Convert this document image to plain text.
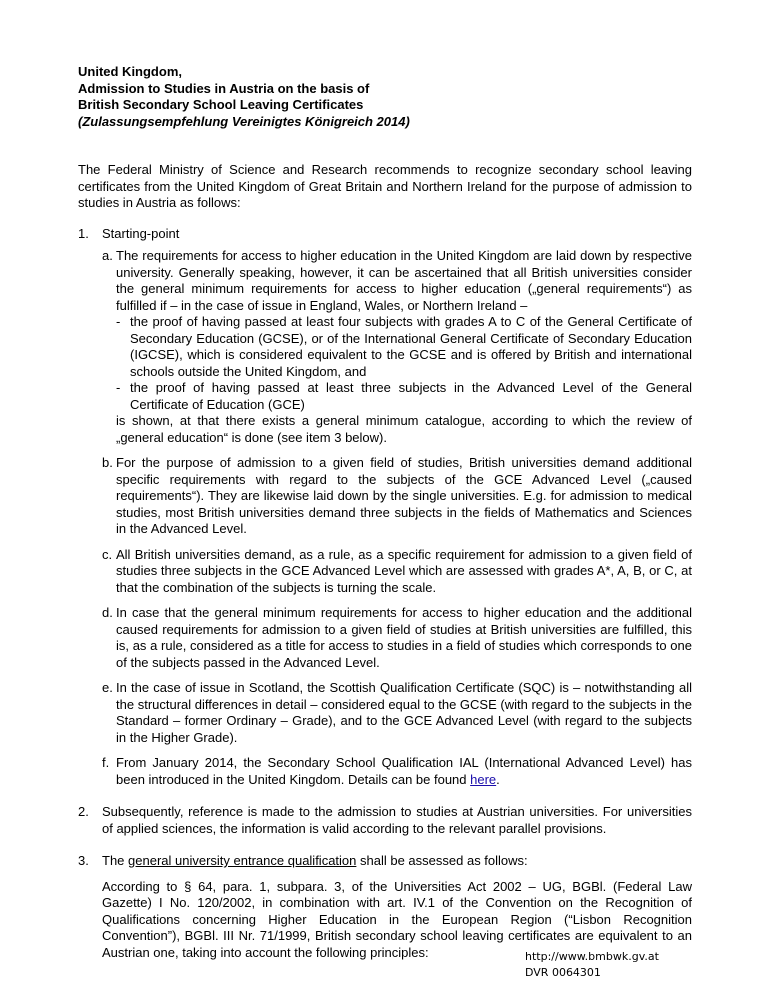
United Kingdom,
Admission to Studies in Austria on the basis of
British Secondary School Leaving Certificates
(Zulassungsempfehlung Vereinigtes Königreich 2014)
The Federal Ministry of Science and Research recommends to recognize secondary school leaving certificates from the United Kingdom of Great Britain and Northern Ireland for the purpose of admission to studies in Austria as follows:
1.	Starting-point
a. The requirements for access to higher education in the United Kingdom are laid down by respective university. Generally speaking, however, it can be ascertained that all British universities consider the general minimum requirements for access to higher education („general requirements“) as fulfilled if – in the case of issue in England, Wales, or Northern Ireland –
- the proof of having passed at least four subjects with grades A to C of the General Certificate of Secondary Education (GCSE), or of the International General Certificate of Secondary Education (IGCSE), which is considered equivalent to the GCSE and is offered by British and international schools outside the United Kingdom, and
- the proof of having passed at least three subjects in the Advanced Level of the General Certificate of Education (GCE)
is shown, at that there exists a general minimum catalogue, according to which the review of „general education“ is done (see item 3 below).
b. For the purpose of admission to a given field of studies, British universities demand additional specific requirements with regard to the subjects of the GCE Advanced Level („caused requirements“). They are likewise laid down by the single universities. E.g. for admission to medical studies, most British universities demand three subjects in the fields of Mathematics and Sciences in the Advanced Level.
c. All British universities demand, as a rule, as a specific requirement for admission to a given field of studies three subjects in the GCE Advanced Level which are assessed with grades A*, A, B, or C, at that the combination of the subjects is turning the scale.
d. In case that the general minimum requirements for access to higher education and the additional caused requirements for admission to a given field of studies at British universities are fulfilled, this is, as a rule, considered as a title for access to studies in a field of studies which corresponds to one of the subjects passed in the Advanced Level.
e. In the case of issue in Scotland, the Scottish Qualification Certificate (SQC) is – notwithstanding all the structural differences in detail – considered equal to the GCSE (with regard to the subjects in the Standard – former Ordinary – Grade), and to the GCE Advanced Level (with regard to the subjects in the Higher Grade).
f. From January 2014, the Secondary School Qualification IAL (International Advanced Level) has been introduced in the United Kingdom. Details can be found here.
2.	Subsequently, reference is made to the admission to studies at Austrian universities. For universities of applied sciences, the information is valid according to the relevant parallel provisions.
3.	The general university entrance qualification shall be assessed as follows:
According to § 64, para. 1, subpara. 3, of the Universities Act 2002 – UG, BGBl. (Federal Law Gazette) I No. 120/2002, in combination with art. IV.1 of the Convention on the Recognition of Qualifications concerning Higher Education in the European Region (“Lisbon Recognition Convention”), BGBl. III Nr. 71/1999, British secondary school leaving certificates are equivalent to an Austrian one, taking into account the following principles:	http://www.bmbwk.gv.at
DVR 0064301
